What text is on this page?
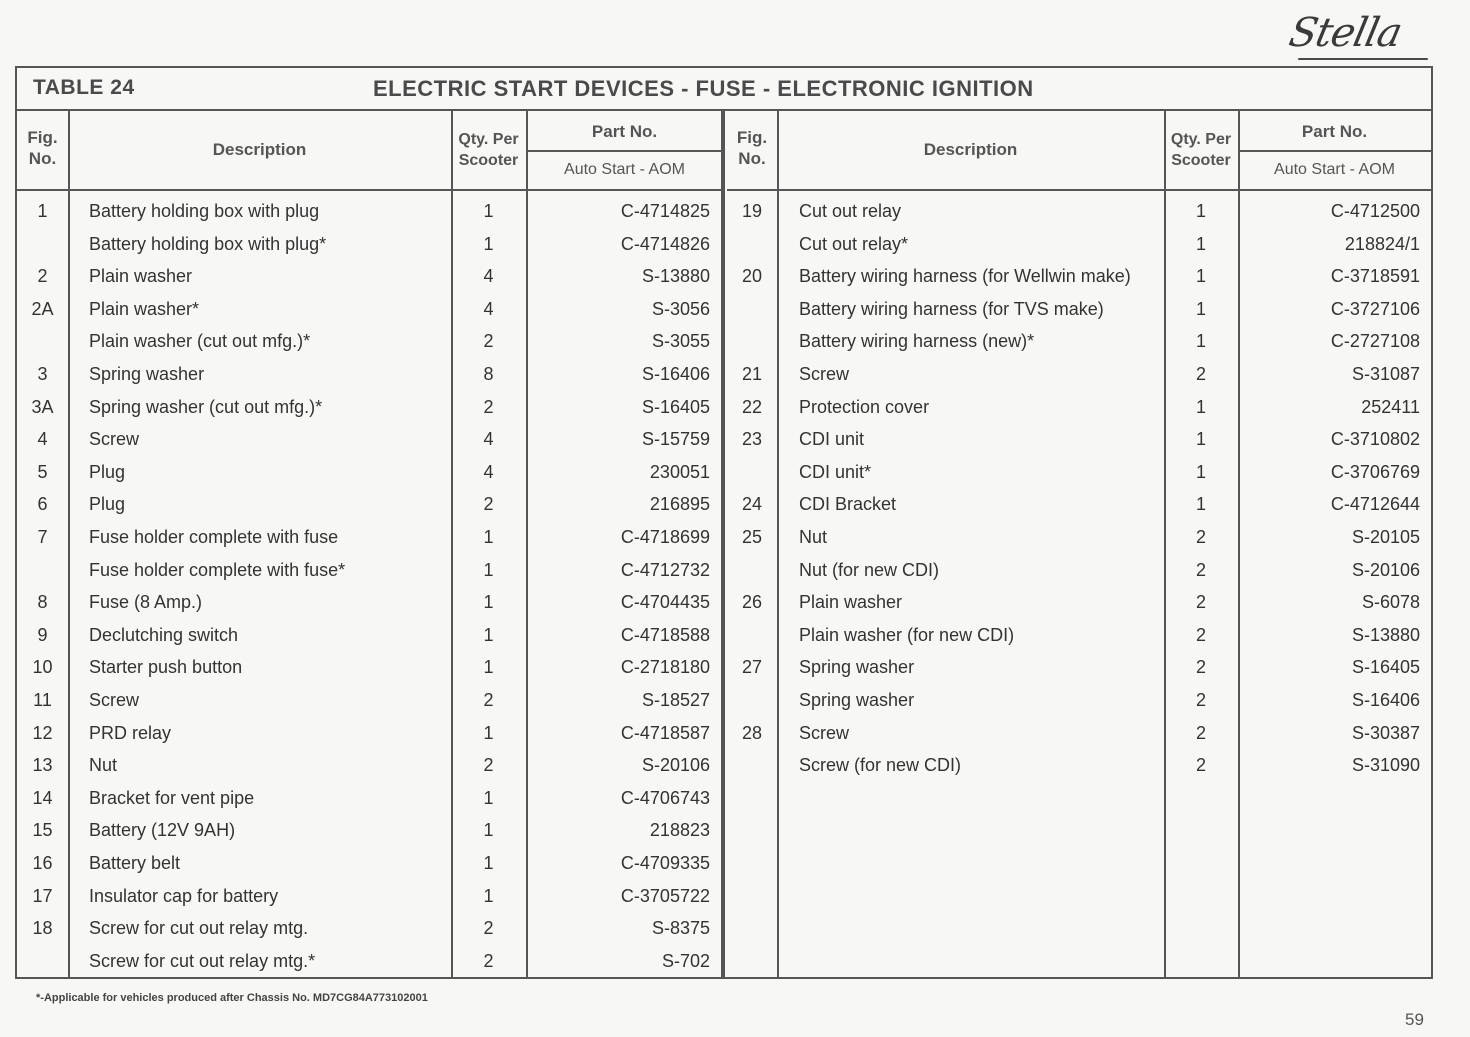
Stella
TABLE 24	ELECTRIC START DEVICES - FUSE - ELECTRONIC IGNITION
Fig.
No.	Description
Qty. Per
Scooter
Part No.
Auto Start - AOM
1	Battery holding box with plug	1	C-4714825
Battery holding box with plug*	1	C-4714826
2	Plain washer	4	S-13880
2A	Plain washer*	4	S-3056
Plain washer (cut out mfg.)*	2	S-3055
3	Spring washer	8	S-16406
3A	Spring washer (cut out mfg.)*	2	S-16405
4	Screw	4	S-15759
5	Plug	4	230051
6	Plug	2	216895
7	Fuse holder complete with fuse	1	C-4718699
Fuse holder complete with fuse*	1	C-4712732
8	Fuse (8 Amp.)	1	C-4704435
9	Declutching switch	1	C-4718588
10	Starter push button	1	C-2718180
11	Screw	2	S-18527
12	PRD relay	1	C-4718587
13	Nut	2	S-20106
14	Bracket for vent pipe	1	C-4706743
15	Battery (12V 9AH)	1	218823
16	Battery belt	1	C-4709335
17	Insulator cap for battery	1	C-3705722
18	Screw for cut out relay mtg.	2	S-8375
Screw for cut out relay mtg.*	2	S-702
Fig.
No.	Description
Qty. Per
Scooter
Part No.
Auto Start - AOM
19	Cut out relay	1	C-4712500
Cut out relay*	1	218824/1
20	Battery wiring harness (for Wellwin make)	1	C-3718591
Battery wiring harness (for TVS make)	1	C-3727106
Battery wiring harness (new)*	1	C-2727108
21	Screw	2	S-31087
22	Protection cover	1	252411
23	CDI unit	1	C-3710802
CDI unit*	1	C-3706769
24	CDI Bracket	1	C-4712644
25	Nut	2	S-20105
Nut (for new CDI)	2	S-20106
26	Plain washer	2	S-6078
Plain washer (for new CDI)	2	S-13880
27	Spring washer	2	S-16405
Spring washer	2	S-16406
28	Screw	2	S-30387
Screw (for new CDI)	2	S-31090
*-Applicable for vehicles produced after Chassis No. MD7CG84A773102001
59
